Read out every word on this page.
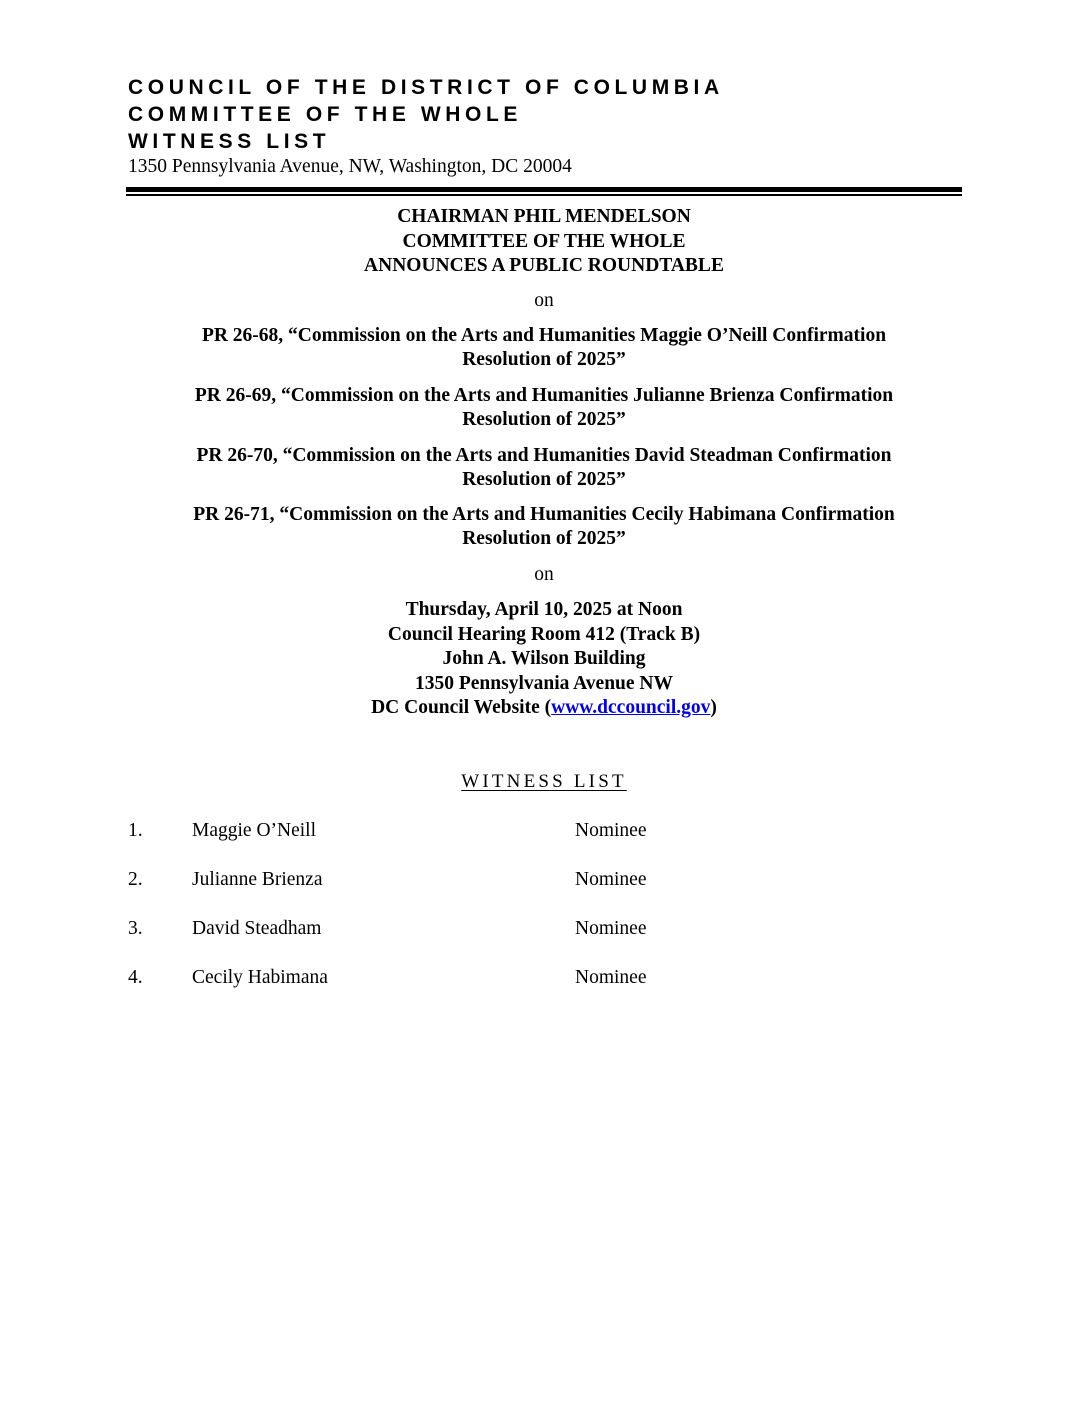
COUNCIL OF THE DISTRICT OF COLUMBIA
COMMITTEE OF THE WHOLE
WITNESS LIST
1350 Pennsylvania Avenue, NW, Washington, DC 20004
CHAIRMAN PHIL MENDELSON
COMMITTEE OF THE WHOLE
ANNOUNCES A PUBLIC ROUNDTABLE
on
PR 26-68, “Commission on the Arts and Humanities Maggie O’Neill Confirmation
Resolution of 2025”
PR 26-69, “Commission on the Arts and Humanities Julianne Brienza Confirmation
Resolution of 2025”
PR 26-70, “Commission on the Arts and Humanities David Steadman Confirmation
Resolution of 2025”
PR 26-71, “Commission on the Arts and Humanities Cecily Habimana Confirmation
Resolution of 2025”
on
Thursday, April 10, 2025 at Noon
Council Hearing Room 412 (Track B)
John A. Wilson Building
1350 Pennsylvania Avenue NW
DC Council Website (www.dccouncil.gov)
WITNESS LIST
1.	Maggie O’Neill	Nominee
2.	Julianne Brienza	Nominee
3.	David Steadham	Nominee
4.	Cecily Habimana	Nominee
